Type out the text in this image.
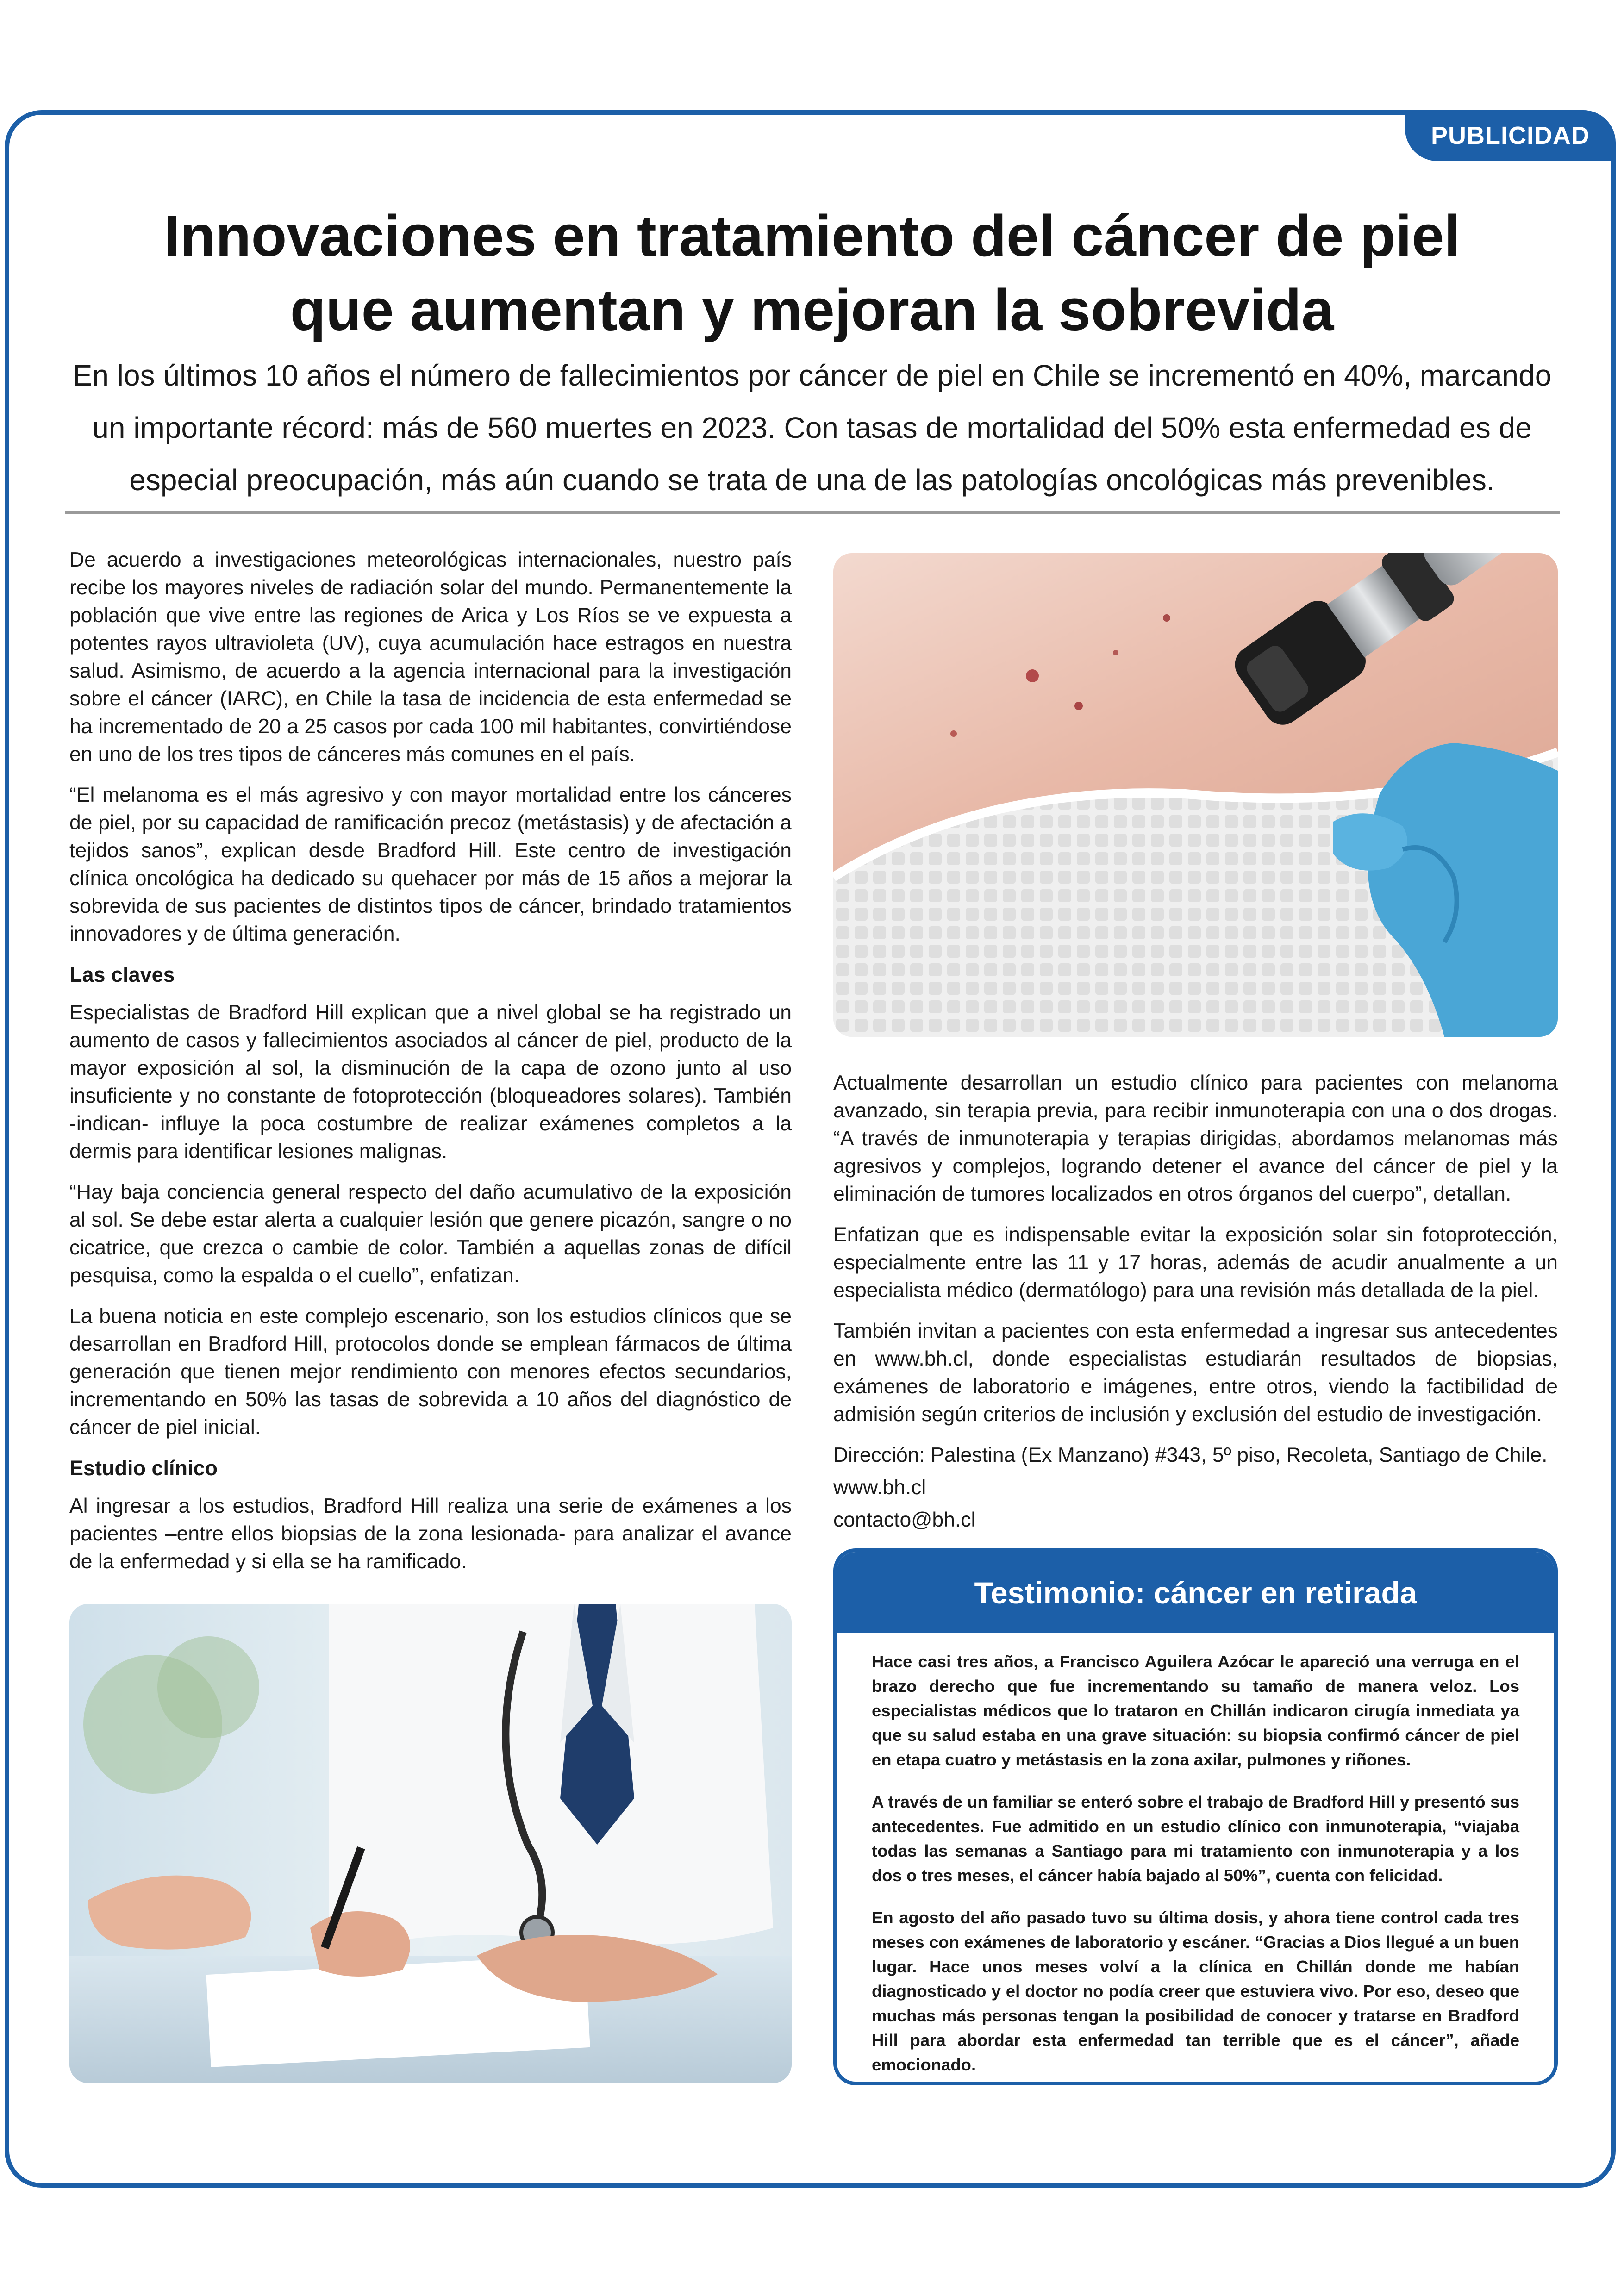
PUBLICIDAD
Innovaciones en tratamiento del cáncer de piel
que aumentan y mejoran la sobrevida
En los últimos 10 años el número de fallecimientos por cáncer de piel en Chile se incrementó en 40%, marcando
un importante récord: más de 560 muertes en 2023. Con tasas de mortalidad del 50% esta enfermedad es de
especial preocupación, más aún cuando se trata de una de las patologías oncológicas más prevenibles.

De acuerdo a investigaciones meteorológicas internacionales, nuestro país recibe los mayores niveles de radiación solar del mundo. Permanentemente la población que vive entre las regiones de Arica y Los Ríos se ve expuesta a potentes rayos ultravioleta (UV), cuya acumulación hace estragos en nuestra salud. Asimismo, de acuerdo a la agencia internacional para la investigación sobre el cáncer (IARC), en Chile la tasa de incidencia de esta enfermedad se ha incrementado de 20 a 25 casos por cada 100 mil habitantes, convirtiéndose en uno de los tres tipos de cánceres más comunes en el país.

“El melanoma es el más agresivo y con mayor mortalidad entre los cánceres de piel, por su capacidad de ramificación precoz (metástasis) y de afectación a tejidos sanos”, explican desde Bradford Hill. Este centro de investigación clínica oncológica ha dedicado su quehacer por más de 15 años a mejorar la sobrevida de sus pacientes de distintos tipos de cáncer, brindado tratamientos innovadores y de última generación.

Las claves

Especialistas de Bradford Hill explican que a nivel global se ha registrado un aumento de casos y fallecimientos asociados al cáncer de piel, producto de la mayor exposición al sol, la disminución de la capa de ozono junto al uso insuficiente y no constante de fotoprotección (bloqueadores solares). También -indican- influye la poca costumbre de realizar exámenes completos a la dermis para identificar lesiones malignas.

“Hay baja conciencia general respecto del daño acumulativo de la exposición al sol. Se debe estar alerta a cualquier lesión que genere picazón, sangre o no cicatrice, que crezca o cambie de color. También a aquellas zonas de difícil pesquisa, como la espalda o el cuello”, enfatizan.

La buena noticia en este complejo escenario, son los estudios clínicos que se desarrollan en Bradford Hill, protocolos donde se emplean fármacos de última generación que tienen mejor rendimiento con menores efectos secundarios, incrementando en 50% las tasas de sobrevida a 10 años del diagnóstico de cáncer de piel inicial.

Estudio clínico

Al ingresar a los estudios, Bradford Hill realiza una serie de exámenes a los pacientes –entre ellos biopsias de la zona lesionada- para analizar el avance de la enfermedad y si ella se ha ramificado.

Actualmente desarrollan un estudio clínico para pacientes con melanoma avanzado, sin terapia previa, para recibir inmunoterapia con una o dos drogas. “A través de inmunoterapia y terapias dirigidas, abordamos melanomas más agresivos y complejos, logrando detener el avance del cáncer de piel y la eliminación de tumores localizados en otros órganos del cuerpo”, detallan.

Enfatizan que es indispensable evitar la exposición solar sin fotoprotección, especialmente entre las 11 y 17 horas, además de acudir anualmente a un especialista médico (dermatólogo) para una revisión más detallada de la piel.

También invitan a pacientes con esta enfermedad a ingresar sus antecedentes en www.bh.cl, donde especialistas estudiarán resultados de biopsias, exámenes de laboratorio e imágenes, entre otros, viendo la factibilidad de admisión según criterios de inclusión y exclusión del estudio de investigación.

Dirección: Palestina (Ex Manzano) #343, 5º piso, Recoleta, Santiago de Chile.

www.bh.cl

contacto@bh.cl

Testimonio: cáncer en retirada

Hace casi tres años, a Francisco Aguilera Azócar le apareció una verruga en el brazo derecho que fue incrementando su tamaño de manera veloz. Los especialistas médicos que lo trataron en Chillán indicaron cirugía inmediata ya que su salud estaba en una grave situación: su biopsia confirmó cáncer de piel en etapa cuatro y metástasis en la zona axilar, pulmones y riñones.

A través de un familiar se enteró sobre el trabajo de Bradford Hill y presentó sus antecedentes. Fue admitido en un estudio clínico con inmunoterapia, “viajaba todas las semanas a Santiago para mi tratamiento con inmunoterapia y a los dos o tres meses, el cáncer había bajado al 50%”, cuenta con felicidad.

En agosto del año pasado tuvo su última dosis, y ahora tiene control cada tres meses con exámenes de laboratorio y escáner. “Gracias a Dios llegué a un buen lugar. Hace unos meses volví a la clínica en Chillán donde me habían diagnosticado y el doctor no podía creer que estuviera vivo. Por eso, deseo que muchas más personas tengan la posibilidad de conocer y tratarse en Bradford Hill para abordar esta enfermedad tan terrible que es el cáncer”, añade emocionado.
